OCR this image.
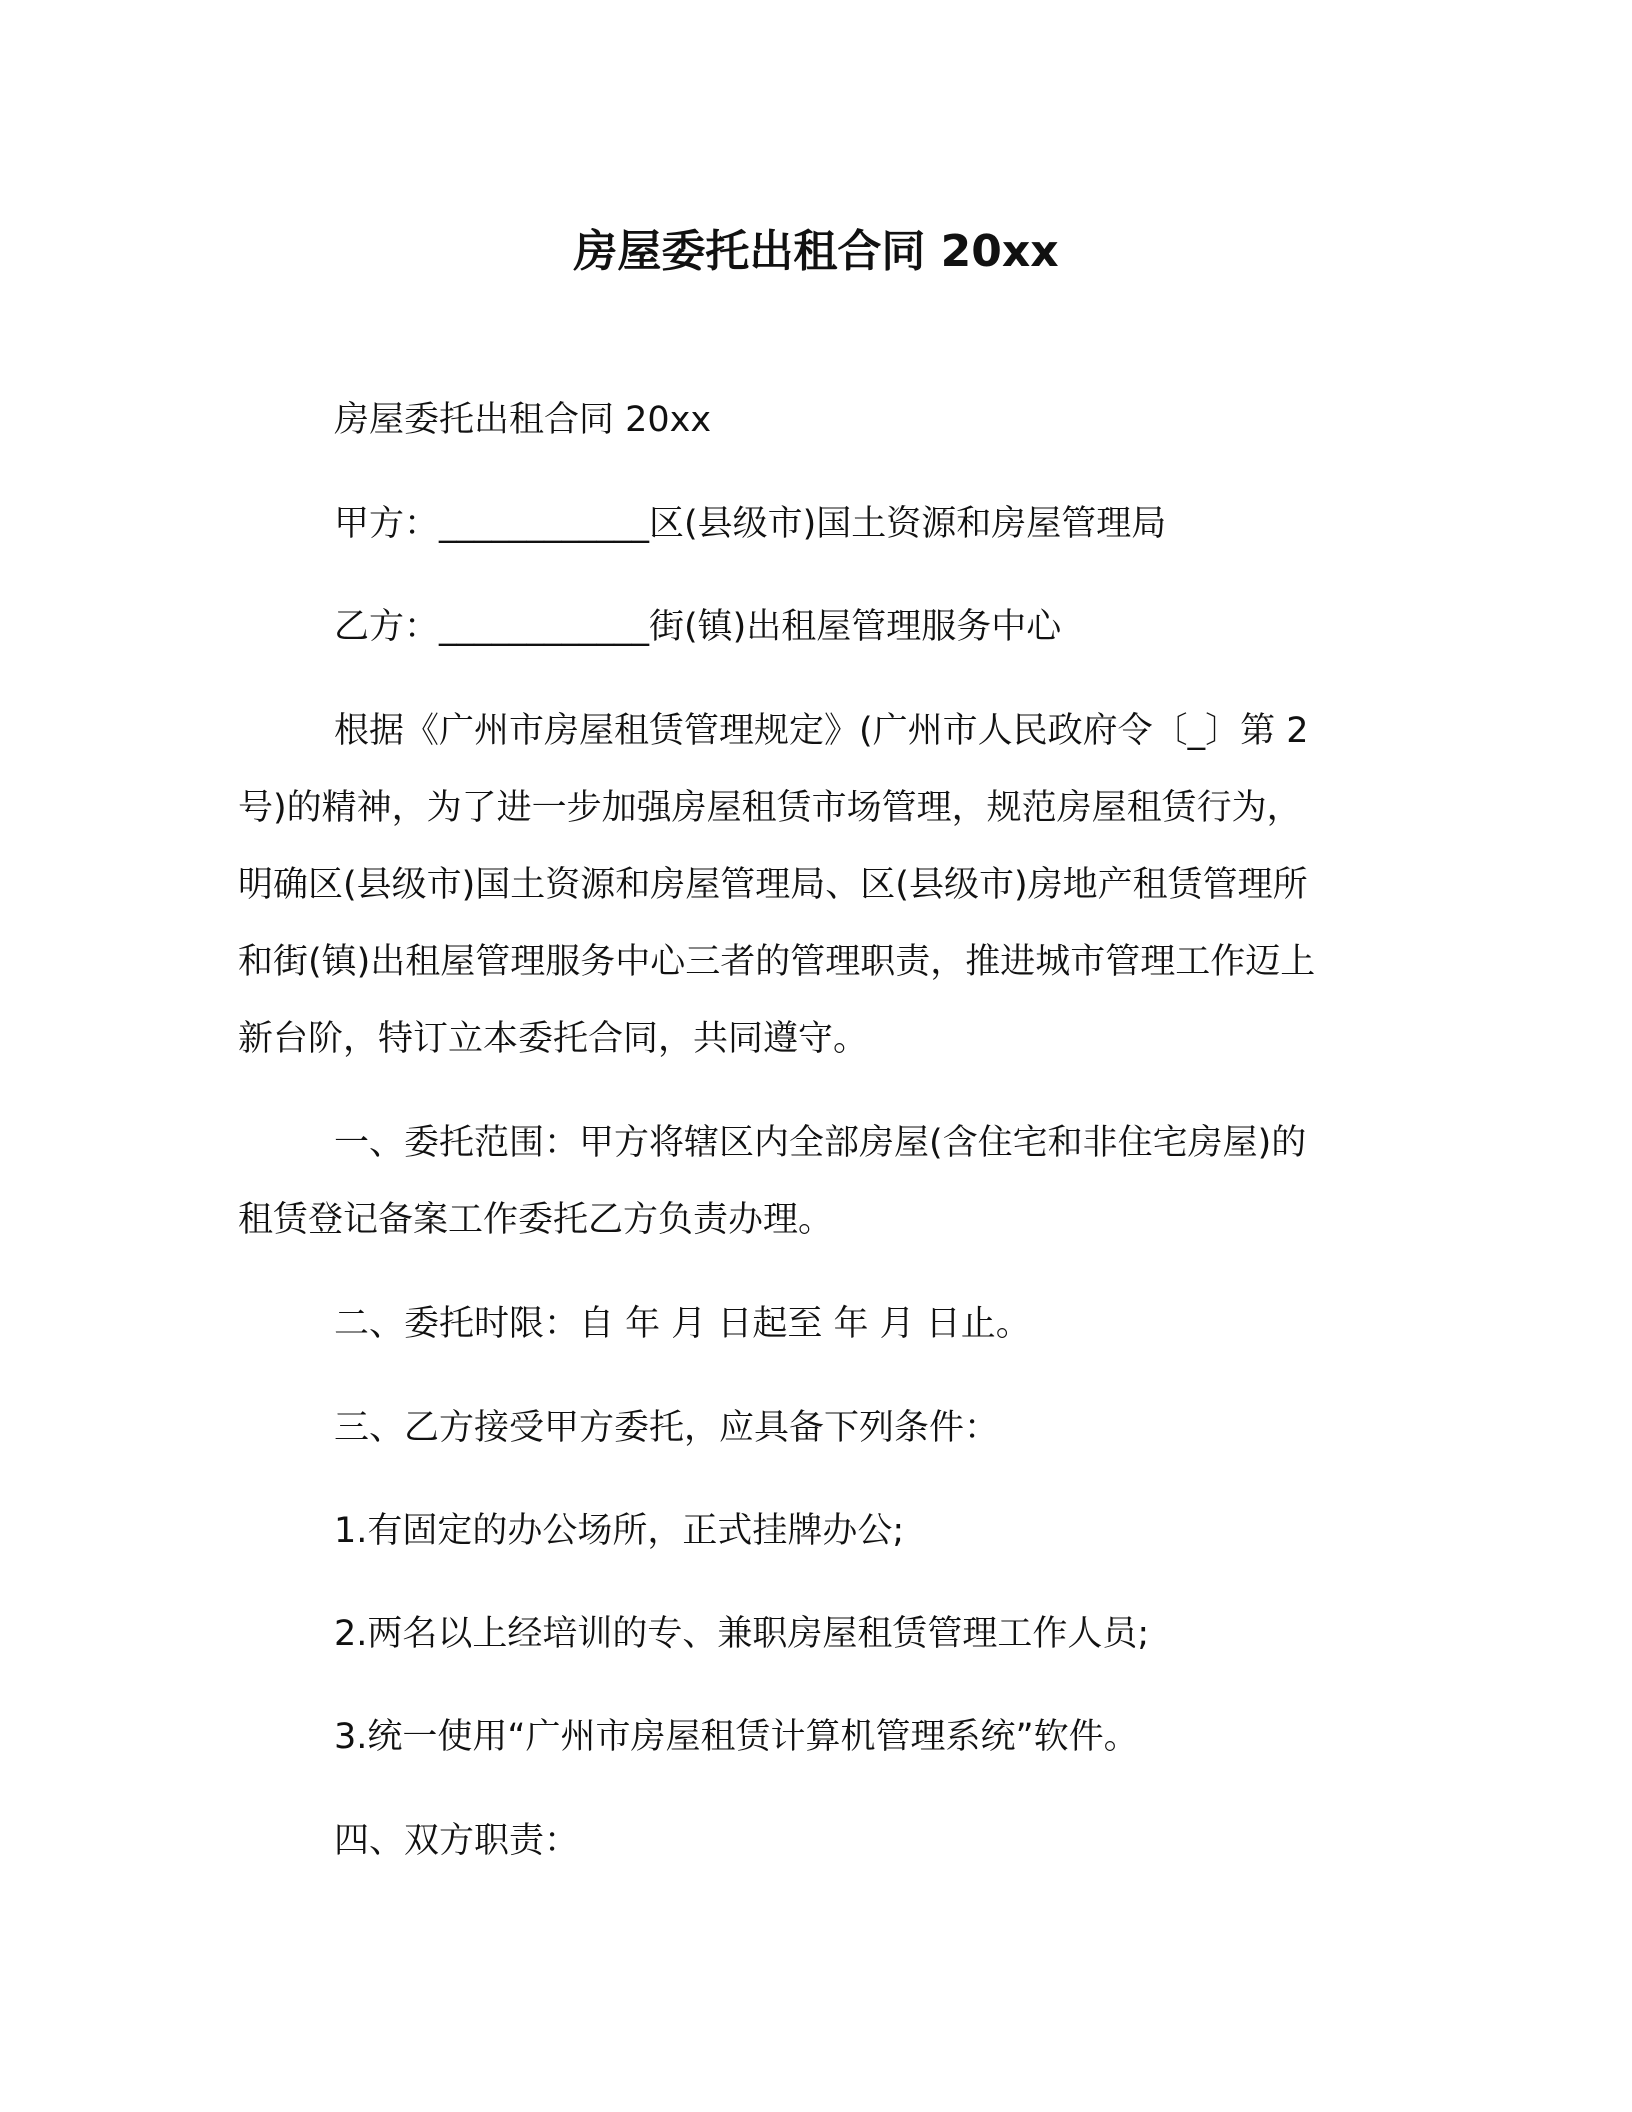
房屋委托出租合同 20xx
房屋委托出租合同 20xx
甲方：____________区(县级市)国土资源和房屋管理局
乙方：____________街(镇)出租屋管理服务中心
根据《广州市房屋租赁管理规定》(广州市人民政府令〔_〕第 2
号)的精神，为了进一步加强房屋租赁市场管理，规范房屋租赁行为，
明确区(县级市)国土资源和房屋管理局、区(县级市)房地产租赁管理所
和街(镇)出租屋管理服务中心三者的管理职责，推进城市管理工作迈上
新台阶，特订立本委托合同，共同遵守。
一、委托范围：甲方将辖区内全部房屋(含住宅和非住宅房屋)的
租赁登记备案工作委托乙方负责办理。
二、委托时限：自 年 月 日起至 年 月 日止。
三、乙方接受甲方委托，应具备下列条件：
1.有固定的办公场所，正式挂牌办公;
2.两名以上经培训的专、兼职房屋租赁管理工作人员;
3.统一使用“广州市房屋租赁计算机管理系统”软件。
四、双方职责：
